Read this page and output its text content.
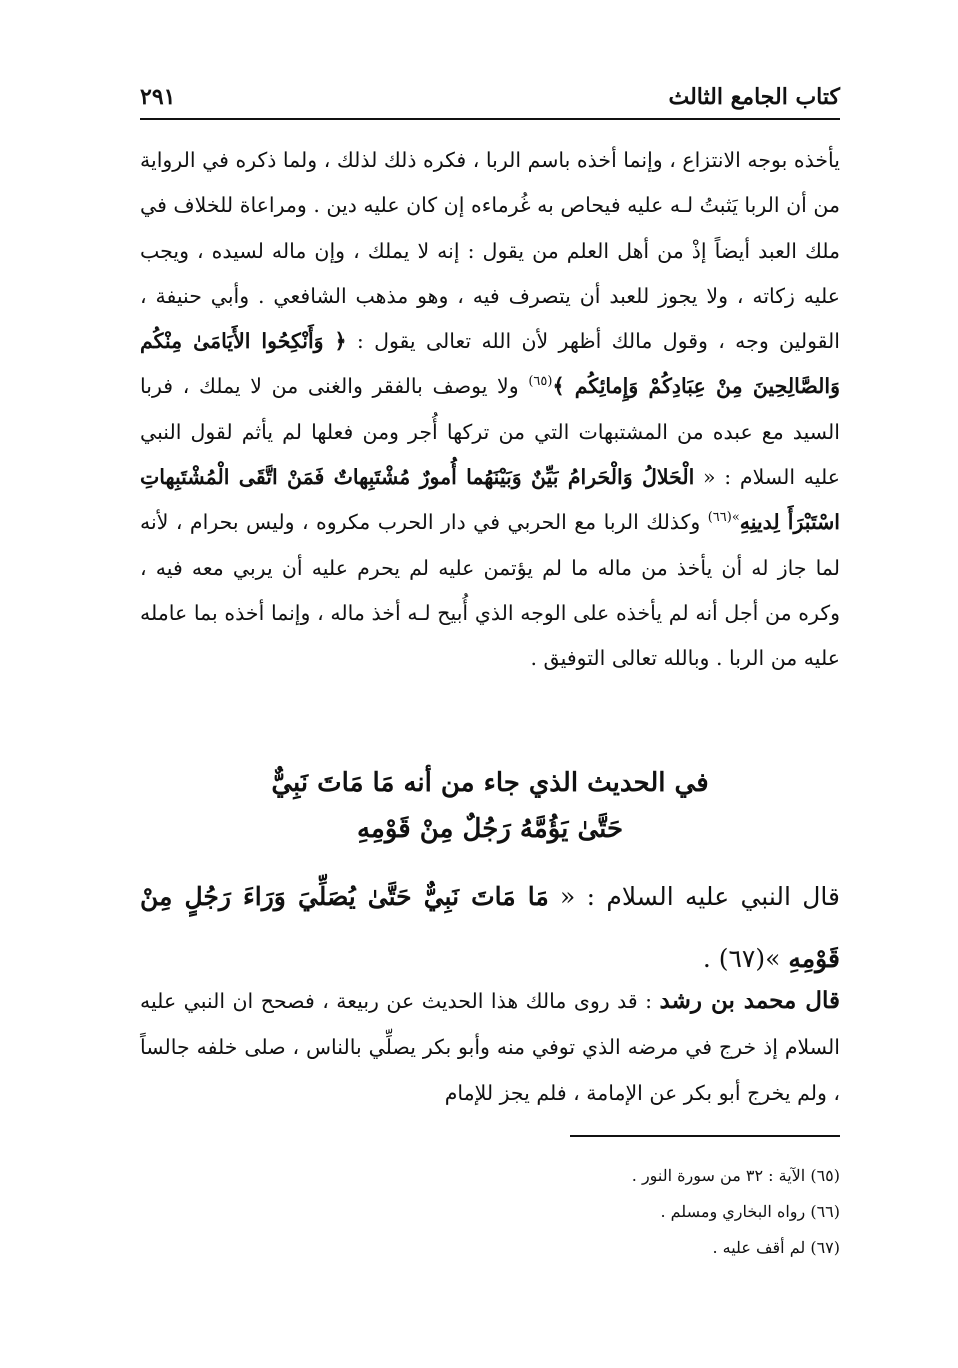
كتاب الجامع الثالث
٢٩١

يأخذه بوجه الانتزاع ، وإنما أخذه باسم الربا ، فكره ذلك لذلك ، ولما ذكره في الرواية من أن الربا يَثبتُ لـه عليه فيحاص به غُرماءه إن كان عليه دين . ومراعاة للخلاف في ملك العبد أيضاً إذْ من أهل العلم من يقول : إنه لا يملك ، وإن ماله لسيده ، ويجب عليه زكاته ، ولا يجوز للعبد أن يتصرف فيه ، وهو مذهب الشافعي . وأبي حنيفة ، القولين وجه ، وقول مالك أظهر لأن الله تعالى يقول : ﴿ وَأَنْكِحُوا الأَيَامَىٰ مِنْكُم وَالصَّالِحِينَ مِنْ عِبَادِكُمْ وَإِمائِكُم ﴾$^{(٦٥)}$ ولا يوصف بالفقر والغنى من لا يملك ، فربا السيد مع عبده من المشتبهات التي من تركها أُجر ومن فعلها لم يأثم لقول النبي عليه السلام : « الْحَلالُ وَالْحَرامُ بَيِّنٌ وَبَيْنَهُما أُمورٌ مُشْتَبِهاتٌ فَمَنْ اتَّقَى الْمُشْتَبِهاتِ اسْتَبْرَأَ لِدينِهِ$^{»(٦٦)}$ وكذلك الربا مع الحربي في دار الحرب مكروه ، وليس بحرام ، لأنه لما جاز له أن يأخذ من ماله ما لم يؤتمن عليه لم يحرم عليه أن يربي معه فيه ، وكره من أجل أنه لم يأخذه على الوجه الذي أُبيح لـه أخذ ماله ، وإنما أخذه بما عامله عليه من الربا . وبالله تعالى التوفيق .

في الحديث الذي جاء من أنه مَا مَاتَ نَبِيٌّ
حَتَّىٰ يَؤُمَّهُ رَجُلٌ مِنْ قَوْمِهِ

قال النبي عليه السلام : « مَا مَاتَ نَبِيٌّ حَتَّىٰ يُصَلِّيَ وَرَاءَ رَجُلٍ مِنْ قَوْمِهِ »(٦٧) .

قال محمد بن رشد : قد روى مالك هذا الحديث عن ربيعة ، فصحح ان النبي عليه السلام إذ خرج في مرضه الذي توفي منه وأبو بكر يصلِّي بالناس ، صلى خلفه جالساً ، ولم يخرج أبو بكر عن الإمامة ، فلم يجز للإمام

(٦٥) الآية : ٣٢ من سورة النور .
(٦٦) رواه البخاري ومسلم .
(٦٧) لم أقف عليه .
